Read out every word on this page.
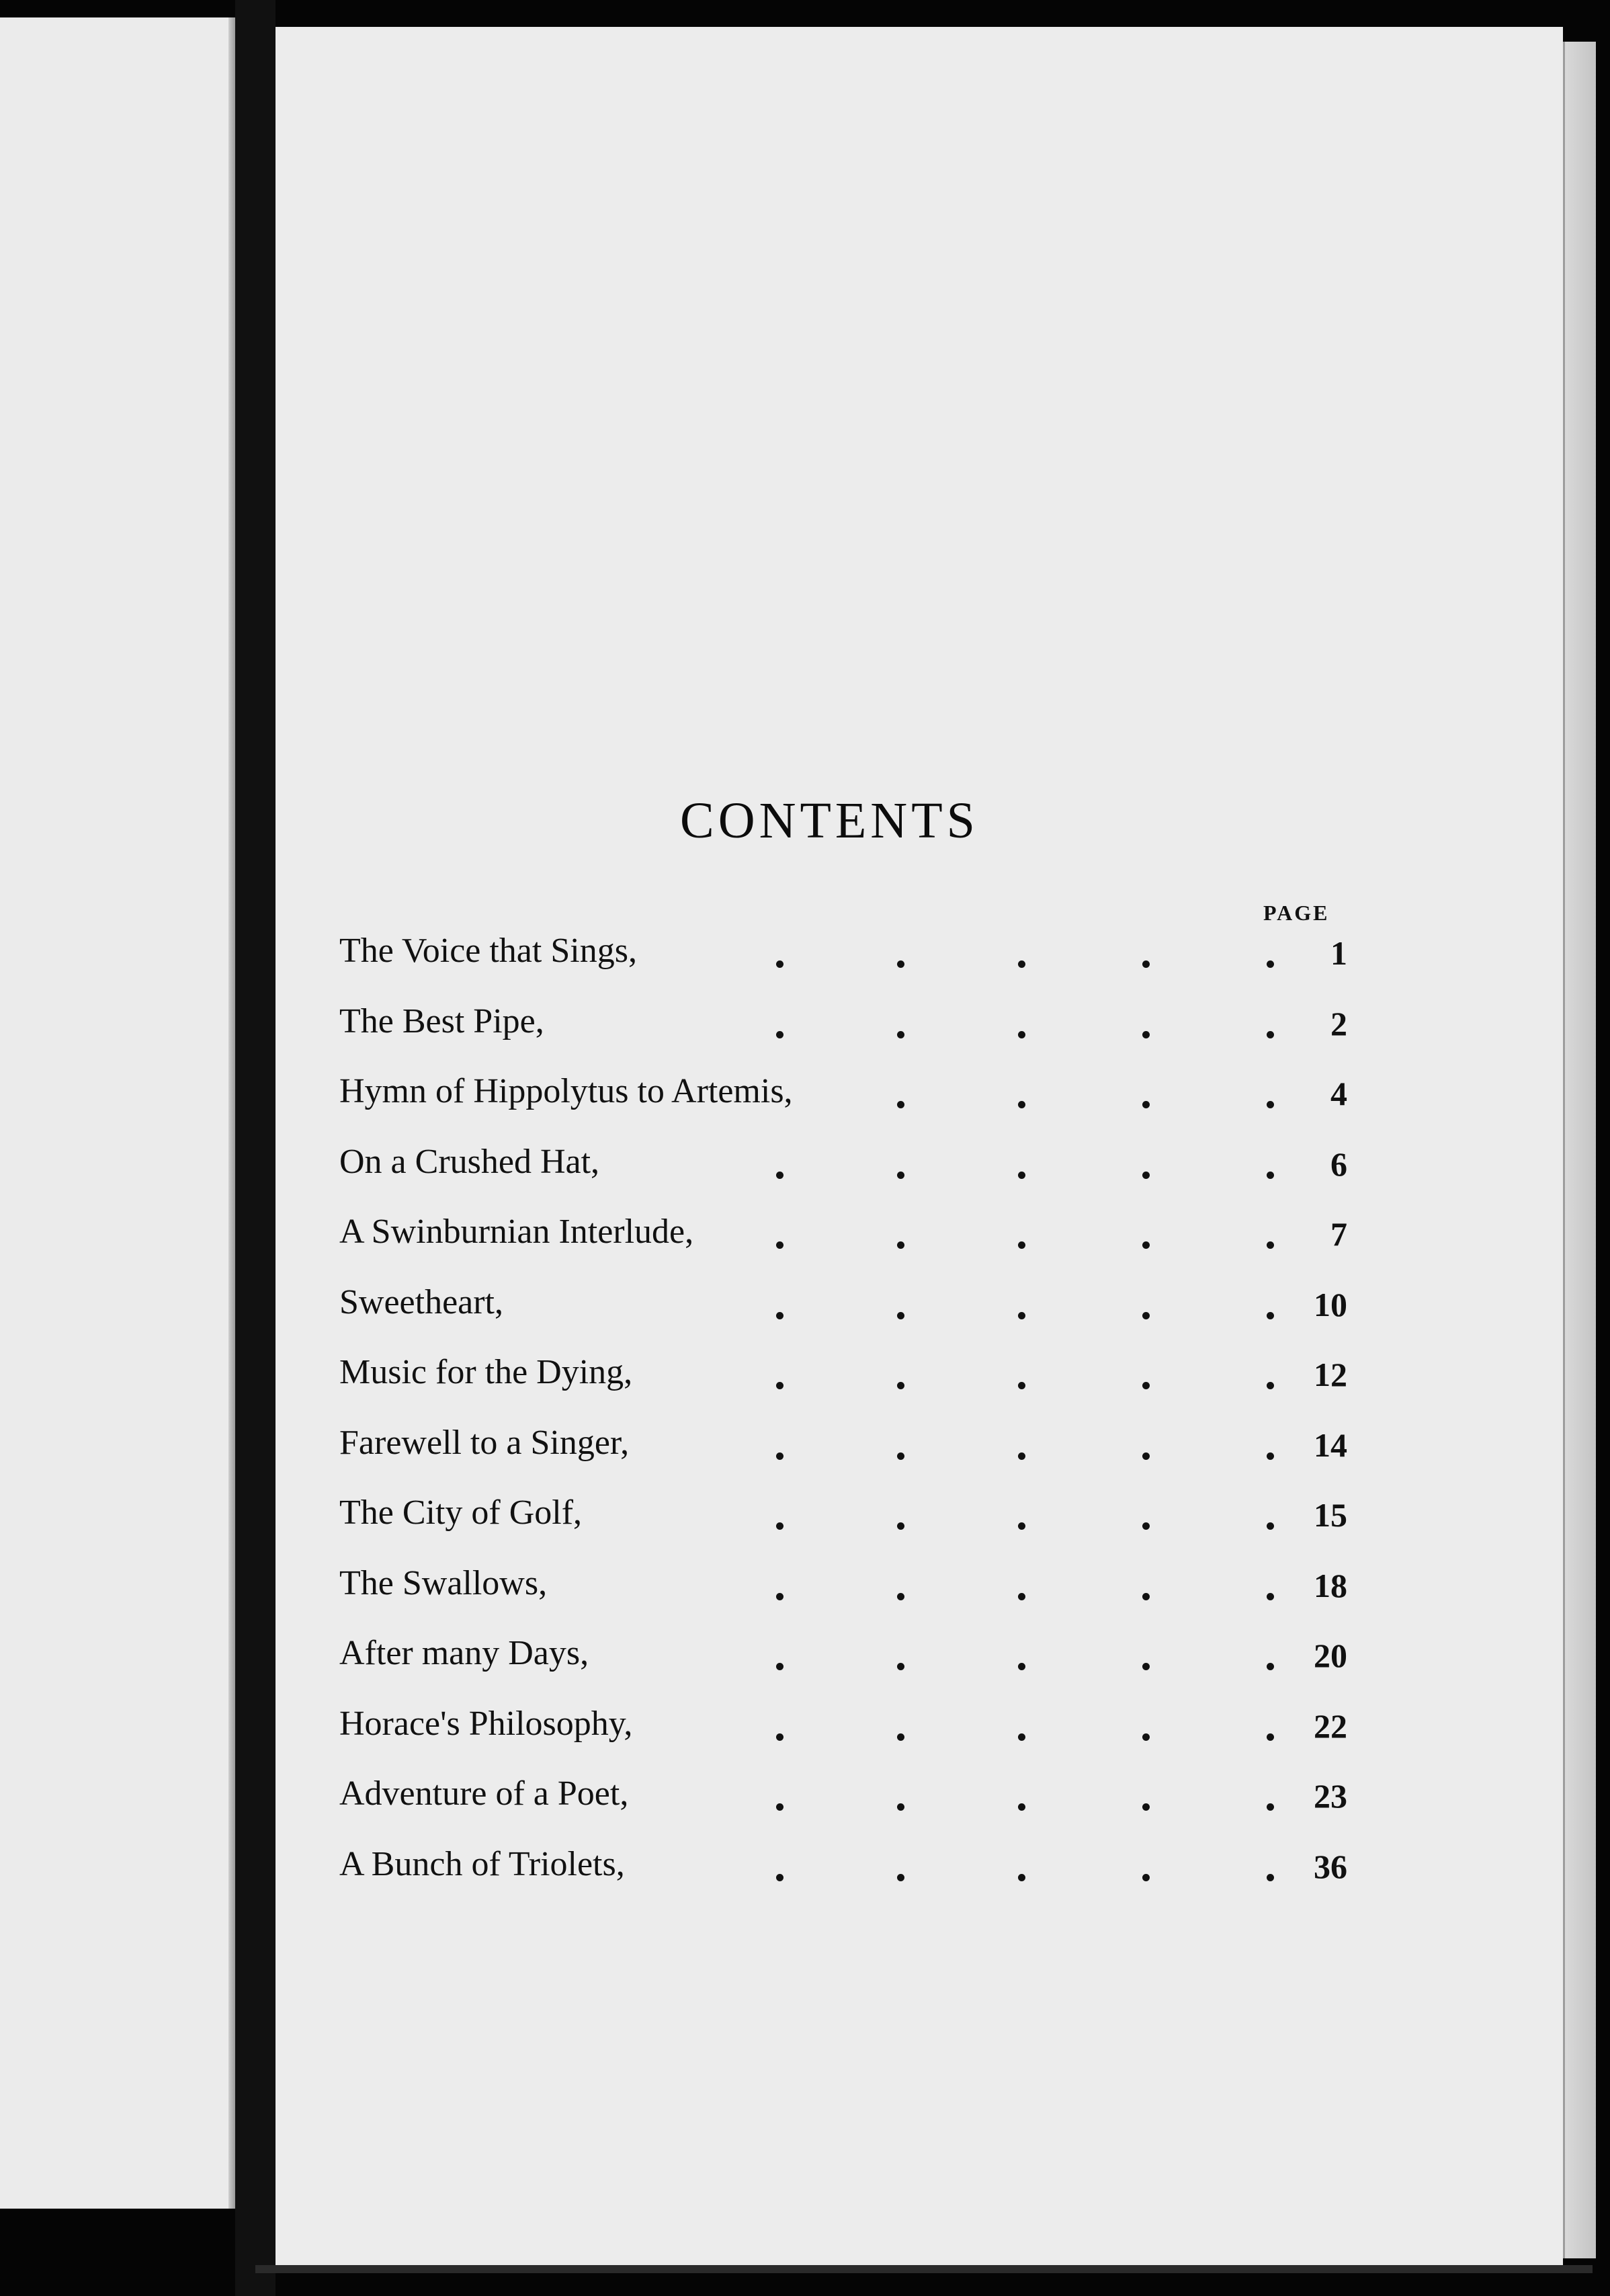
CONTENTS
PAGE
The Voice that Sings,	1
The Best Pipe,	2
Hymn of Hippolytus to Artemis,	4
On a Crushed Hat,	6
A Swinburnian Interlude,	7
Sweetheart,	10
Music for the Dying,	12
Farewell to a Singer,	14
The City of Golf,	15
The Swallows,	18
After many Days,	20
Horace's Philosophy,	22
Adventure of a Poet,	23
A Bunch of Triolets,	36
